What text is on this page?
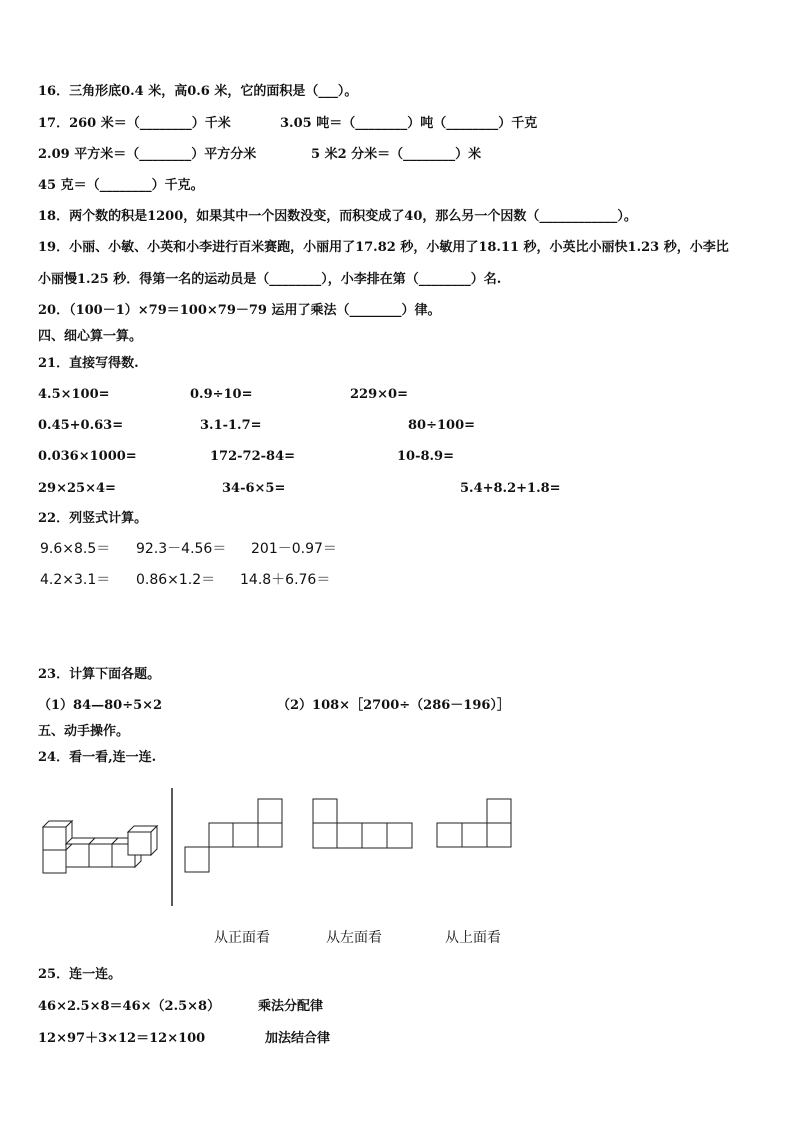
16．三角形底0.4 米，高0.6 米，它的面积是（___）。
17．260 米＝（________）千米	3.05 吨＝（________）吨（________）千克
2.09 平方米＝（________）平方分米	5 米2 分米＝（________）米
45 克＝（________）千克。
18．两个数的积是1200，如果其中一个因数没变，而积变成了40，那么另一个因数（____________）。
19．小丽、小敏、小英和小李进行百米赛跑，小丽用了17.82 秒，小敏用了18.11 秒，小英比小丽快1.23 秒，小李比
小丽慢1.25 秒．得第一名的运动员是（________），小李排在第（________）名.
20．（100－1）×79＝100×79－79 运用了乘法（________）律。
四、细心算一算。
21．直接写得数.
4.5×100=	0.9÷10=	229×0=
0.45+0.63=	3.1-1.7=	80÷100=
0.036×1000=	172-72-84=	10-8.9=
29×25×4=	34-6×5=	5.4+8.2+1.8=
22．列竖式计算。
9.6×8.5＝ 92.3－4.56＝ 201－0.97＝
4.2×3.1＝ 0.86×1.2＝ 14.8＋6.76＝
23．计算下面各题。
（1）84—80÷5×2	（2）108×［2700÷（286－196）］
五、动手操作。
24．看一看,连一连.
从正面看	从左面看	从上面看
25．连一连。
46×2.5×8＝46×（2.5×8）	乘法分配律
12×97＋3×12＝12×100	加法结合律
